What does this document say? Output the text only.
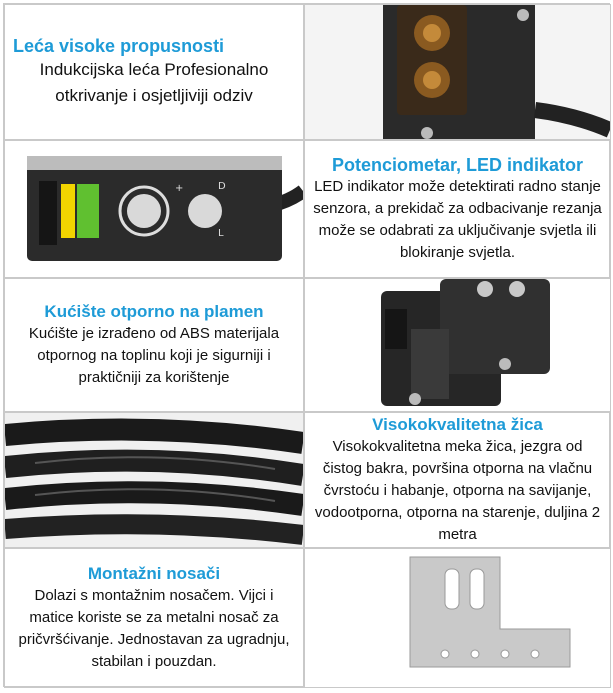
Leća visoke propusnosti
Indukcijska leća Profesionalno otkrivanje i osjetljiviji odziv
+	D
L
Potenciometar, LED indikator
LED indikator može detektirati radno stanje senzora, a prekidač za odbacivanje rezanja može se odabrati za uključivanje svjetla ili blokiranje svjetla.
Kućište otporno na plamen
Kućište je izrađeno od ABS materijala otpornog na toplinu koji je sigurniji i praktičniji za korištenje
Visokokvalitetna žica
Visokokvalitetna meka žica, jezgra od čistog bakra, površina otporna na vlačnu čvrstoću i habanje, otporna na savijanje, vodootporna, otporna na starenje, duljina 2 metra
Montažni nosači
Dolazi s montažnim nosačem. Vijci i matice koriste se za metalni nosač za pričvršćivanje. Jednostavan za ugradnju, stabilan i pouzdan.
